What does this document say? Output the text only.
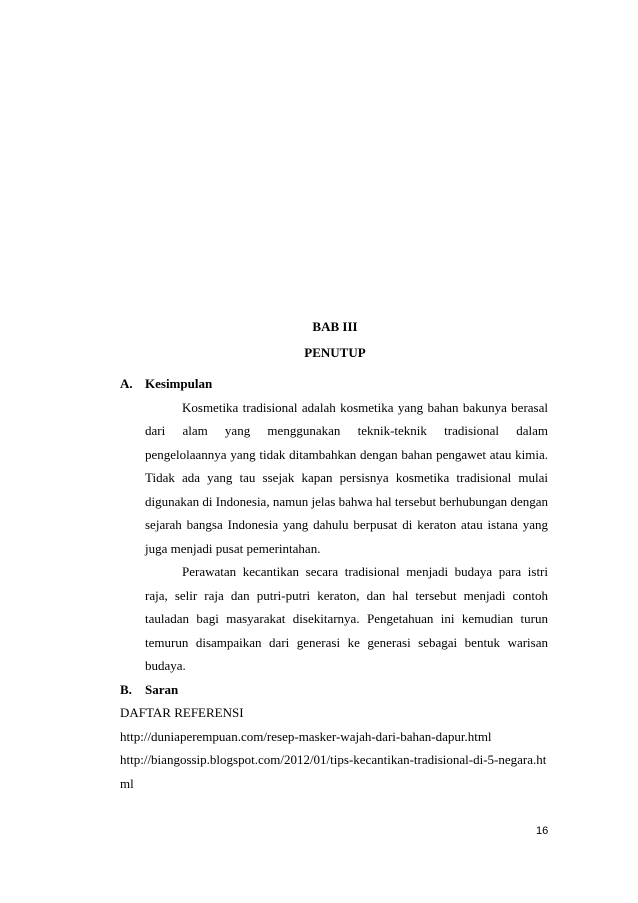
BAB III
PENUTUP
A. Kesimpulan

Kosmetika tradisional adalah kosmetika yang bahan bakunya berasal dari alam yang menggunakan teknik-teknik tradisional dalam pengelolaannya yang tidak ditambahkan dengan bahan pengawet atau kimia. Tidak ada yang tau ssejak kapan persisnya kosmetika tradisional mulai digunakan di Indonesia, namun jelas bahwa hal tersebut berhubungan dengan sejarah bangsa Indonesia yang dahulu berpusat di keraton atau istana yang juga menjadi pusat pemerintahan.

Perawatan kecantikan secara tradisional menjadi budaya para istri raja, selir raja dan putri-putri keraton, dan hal tersebut menjadi contoh tauladan bagi masyarakat disekitarnya. Pengetahuan ini kemudian turun temurun disampaikan dari generasi ke generasi sebagai bentuk warisan budaya.

B. Saran
DAFTAR REFERENSI
http://duniaperempuan.com/resep-masker-wajah-dari-bahan-dapur.html
http://biangossip.blogspot.com/2012/01/tips-kecantikan-tradisional-di-5-negara.html
16
